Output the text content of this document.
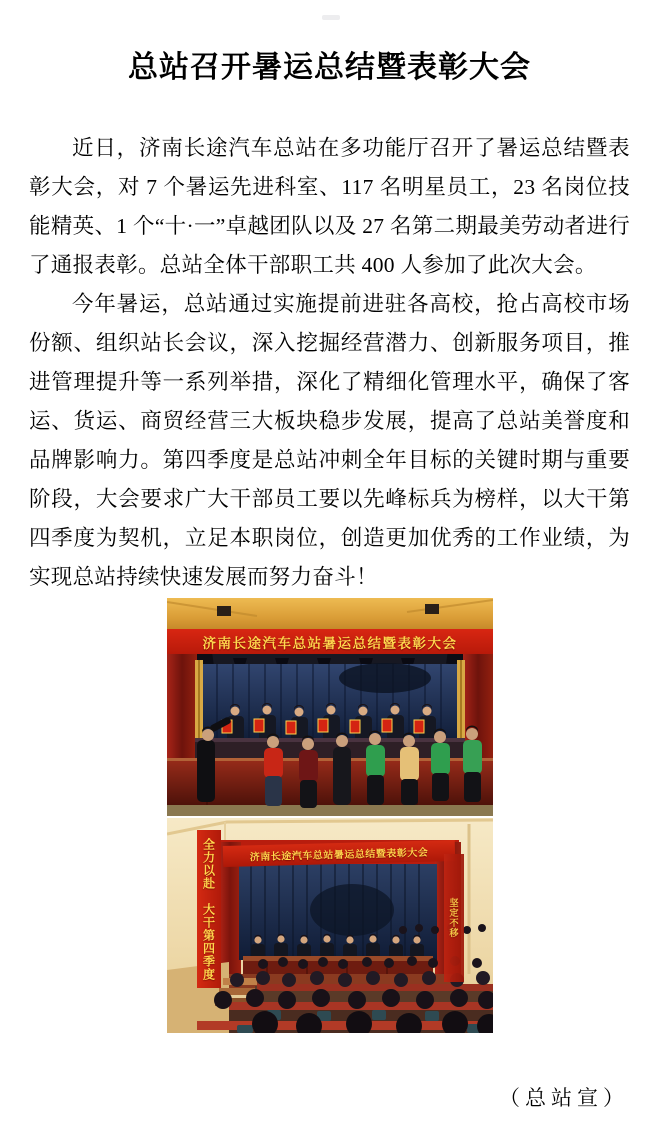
总站召开暑运总结暨表彰大会

近日，济南长途汽车总站在多功能厅召开了暑运总结暨表彰大会，对 7 个暑运先进科室、117 名明星员工，23 名岗位技能精英、1 个“十·一”卓越团队以及 27 名第二期最美劳动者进行了通报表彰。总站全体干部职工共 400 人参加了此次大会。

今年暑运，总站通过实施提前进驻各高校，抢占高校市场份额、组织站长会议，深入挖掘经营潜力、创新服务项目，推进管理提升等一系列举措，深化了精细化管理水平，确保了客运、货运、商贸经营三大板块稳步发展，提高了总站美誉度和品牌影响力。第四季度是总站冲刺全年目标的关键时期与重要阶段，大会要求广大干部员工要以先峰标兵为榜样，以大干第四季度为契机，立足本职岗位，创造更加优秀的工作业绩，为实现总站持续快速发展而努力奋斗！

济南长途汽车总站暑运总结暨表彰大会
济南长途汽车总站暑运总结暨表彰大会
全力以赴　大干第四季度	坚定不移

（总站宣）
